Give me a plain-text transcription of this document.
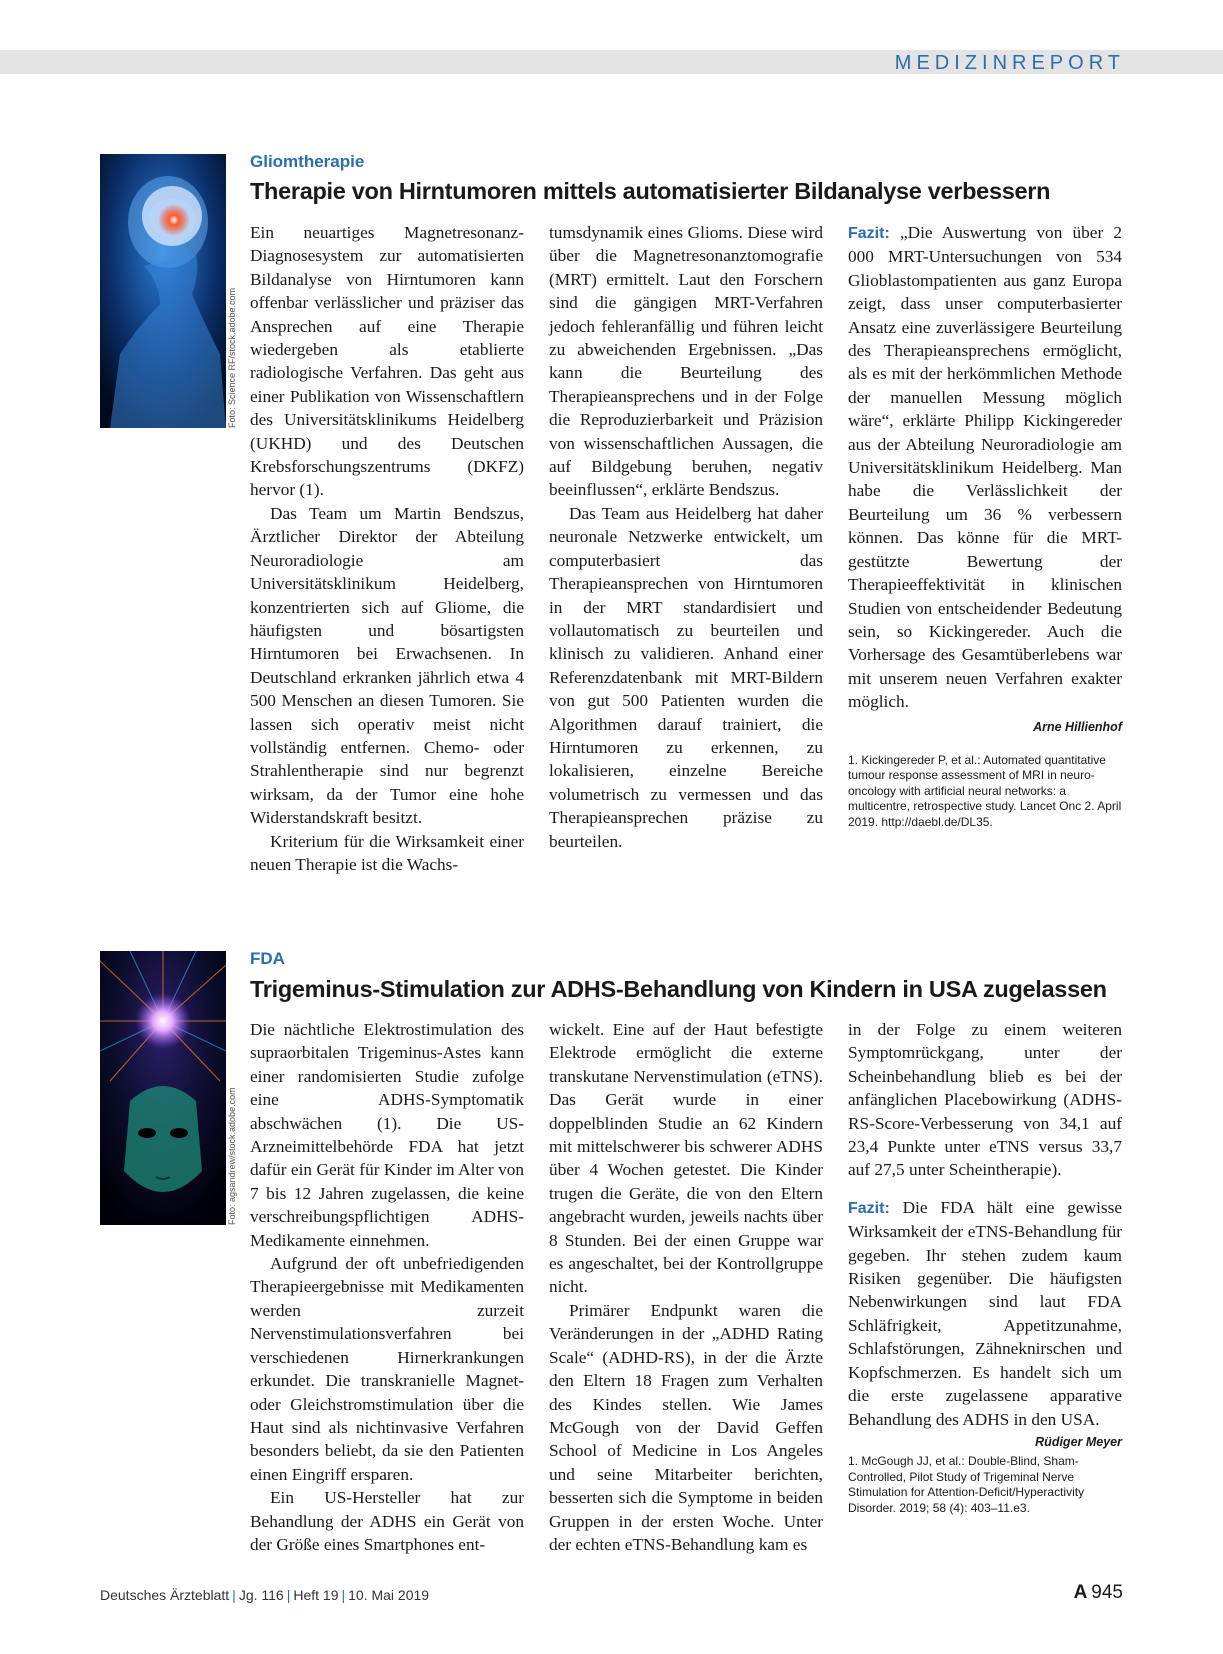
MEDIZINREPORT
Foto: Science RF/stock.adobe.com
Gliomtherapie
Therapie von Hirntumoren mittels automatisierter Bildanalyse verbessern

Ein neuartiges Magnetresonanz-Diagnosesystem zur automatisierten Bildanalyse von Hirntumoren kann offenbar verlässlicher und präziser das Ansprechen auf eine Therapie wiedergeben als etablierte radiologische Verfahren. Das geht aus einer Publikation von Wissenschaftlern des Universitätsklinikums Heidelberg (UKHD) und des Deutschen Krebsforschungszentrums (DKFZ) hervor (1).

Das Team um Martin Bendszus, Ärztlicher Direktor der Abteilung Neuroradiologie am Universitätsklinikum Heidelberg, konzentrierten sich auf Gliome, die häufigsten und bösartigsten Hirntumoren bei Erwachsenen. In Deutschland erkranken jährlich etwa 4 500 Menschen an diesen Tumoren. Sie lassen sich operativ meist nicht vollständig entfernen. Chemo- oder Strahlentherapie sind nur begrenzt wirksam, da der Tumor eine hohe Widerstandskraft besitzt.

Kriterium für die Wirksamkeit einer neuen Therapie ist die Wachs-

tumsdynamik eines Glioms. Diese wird über die Magnetresonanztomografie (MRT) ermittelt. Laut den Forschern sind die gängigen MRT-Verfahren jedoch fehleranfällig und führen leicht zu abweichenden Ergebnissen. „Das kann die Beurteilung des Therapieansprechens und in der Folge die Reproduzierbarkeit und Präzision von wissenschaftlichen Aussagen, die auf Bildgebung beruhen, negativ beeinflussen“, erklärte Bendszus.

Das Team aus Heidelberg hat daher neuronale Netzwerke entwickelt, um computerbasiert das Therapieansprechen von Hirntumoren in der MRT standardisiert und vollautomatisch zu beurteilen und klinisch zu validieren. Anhand einer Referenzdatenbank mit MRT-Bildern von gut 500 Patienten wurden die Algorithmen darauf trainiert, die Hirntumoren zu erkennen, zu lokalisieren, einzelne Bereiche volumetrisch zu vermessen und das Therapieansprechen präzise zu beurteilen.

Fazit: „Die Auswertung von über 2 000 MRT-Untersuchungen von 534 Glioblastompatienten aus ganz Europa zeigt, dass unser computerbasierter Ansatz eine zuverlässigere Beurteilung des Therapieansprechens ermöglicht, als es mit der herkömmlichen Methode der manuellen Messung möglich wäre“, erklärte Philipp Kickingereder aus der Abteilung Neuroradiologie am Universitätsklinikum Heidelberg. Man habe die Verlässlichkeit der Beurteilung um 36 % verbessern können. Das könne für die MRT-gestützte Bewertung der Therapieeffektivität in klinischen Studien von entscheidender Bedeutung sein, so Kickingereder. Auch die Vorhersage des Gesamtüberlebens war mit unserem neuen Verfahren exakter möglich.

Arne Hillienhof
1. Kickingereder P, et al.: Automated quantitative tumour response assessment of MRI in neuro-oncology with artificial neural networks: a multicentre, retrospective study. Lancet Onc 2. April 2019. http://daebl.de/DL35.
Foto: agsandrew/stock.adobe.com
FDA
Trigeminus-Stimulation zur ADHS-Behandlung von Kindern in USA zugelassen

Die nächtliche Elektrostimulation des supraorbitalen Trigeminus-Astes kann einer randomisierten Studie zufolge eine ADHS-Symptomatik abschwächen (1). Die US-Arzneimittelbehörde FDA hat jetzt dafür ein Gerät für Kinder im Alter von 7 bis 12 Jahren zugelassen, die keine verschreibungspflichtigen ADHS-Medikamente einnehmen.

Aufgrund der oft unbefriedigenden Therapieergebnisse mit Medikamenten werden zurzeit Nervenstimulationsverfahren bei verschiedenen Hirnerkrankungen erkundet. Die transkranielle Magnet- oder Gleichstromstimulation über die Haut sind als nichtinvasive Verfahren besonders beliebt, da sie den Patienten einen Eingriff ersparen.

Ein US-Hersteller hat zur Behandlung der ADHS ein Gerät von der Größe eines Smartphones ent-

wickelt. Eine auf der Haut befestigte Elektrode ermöglicht die externe transkutane Nervenstimulation (eTNS). Das Gerät wurde in einer doppelblinden Studie an 62 Kindern mit mittelschwerer bis schwerer ADHS über 4 Wochen getestet. Die Kinder trugen die Geräte, die von den Eltern angebracht wurden, jeweils nachts über 8 Stunden. Bei der einen Gruppe war es angeschaltet, bei der Kontrollgruppe nicht.

Primärer Endpunkt waren die Veränderungen in der „ADHD Rating Scale“ (ADHD-RS), in der die Ärzte den Eltern 18 Fragen zum Verhalten des Kindes stellen. Wie James McGough von der David Geffen School of Medicine in Los Angeles und seine Mitarbeiter berichten, besserten sich die Symptome in beiden Gruppen in der ersten Woche. Unter der echten eTNS-Behandlung kam es

in der Folge zu einem weiteren Symptomrückgang, unter der Scheinbehandlung blieb es bei der anfänglichen Placebowirkung (ADHS-RS-Score-Verbesserung von 34,1 auf 23,4 Punkte unter eTNS versus 33,7 auf 27,5 unter Scheintherapie).

Fazit: Die FDA hält eine gewisse Wirksamkeit der eTNS-Behandlung für gegeben. Ihr stehen zudem kaum Risiken gegenüber. Die häufigsten Nebenwirkungen sind laut FDA Schläfrigkeit, Appetitzunahme, Schlafstörungen, Zähneknirschen und Kopfschmerzen. Es handelt sich um die erste zugelassene apparative Behandlung des ADHS in den USA.
Rüdiger Meyer

1. McGough JJ, et al.: Double-Blind, Sham-Controlled, Pilot Study of Trigeminal Nerve Stimulation for Attention-Deficit/Hyperactivity Disorder. 2019; 58 (4): 403–11.e3.
Deutsches Ärzteblatt | Jg. 116 | Heft 19 | 10. Mai 2019	A 945
